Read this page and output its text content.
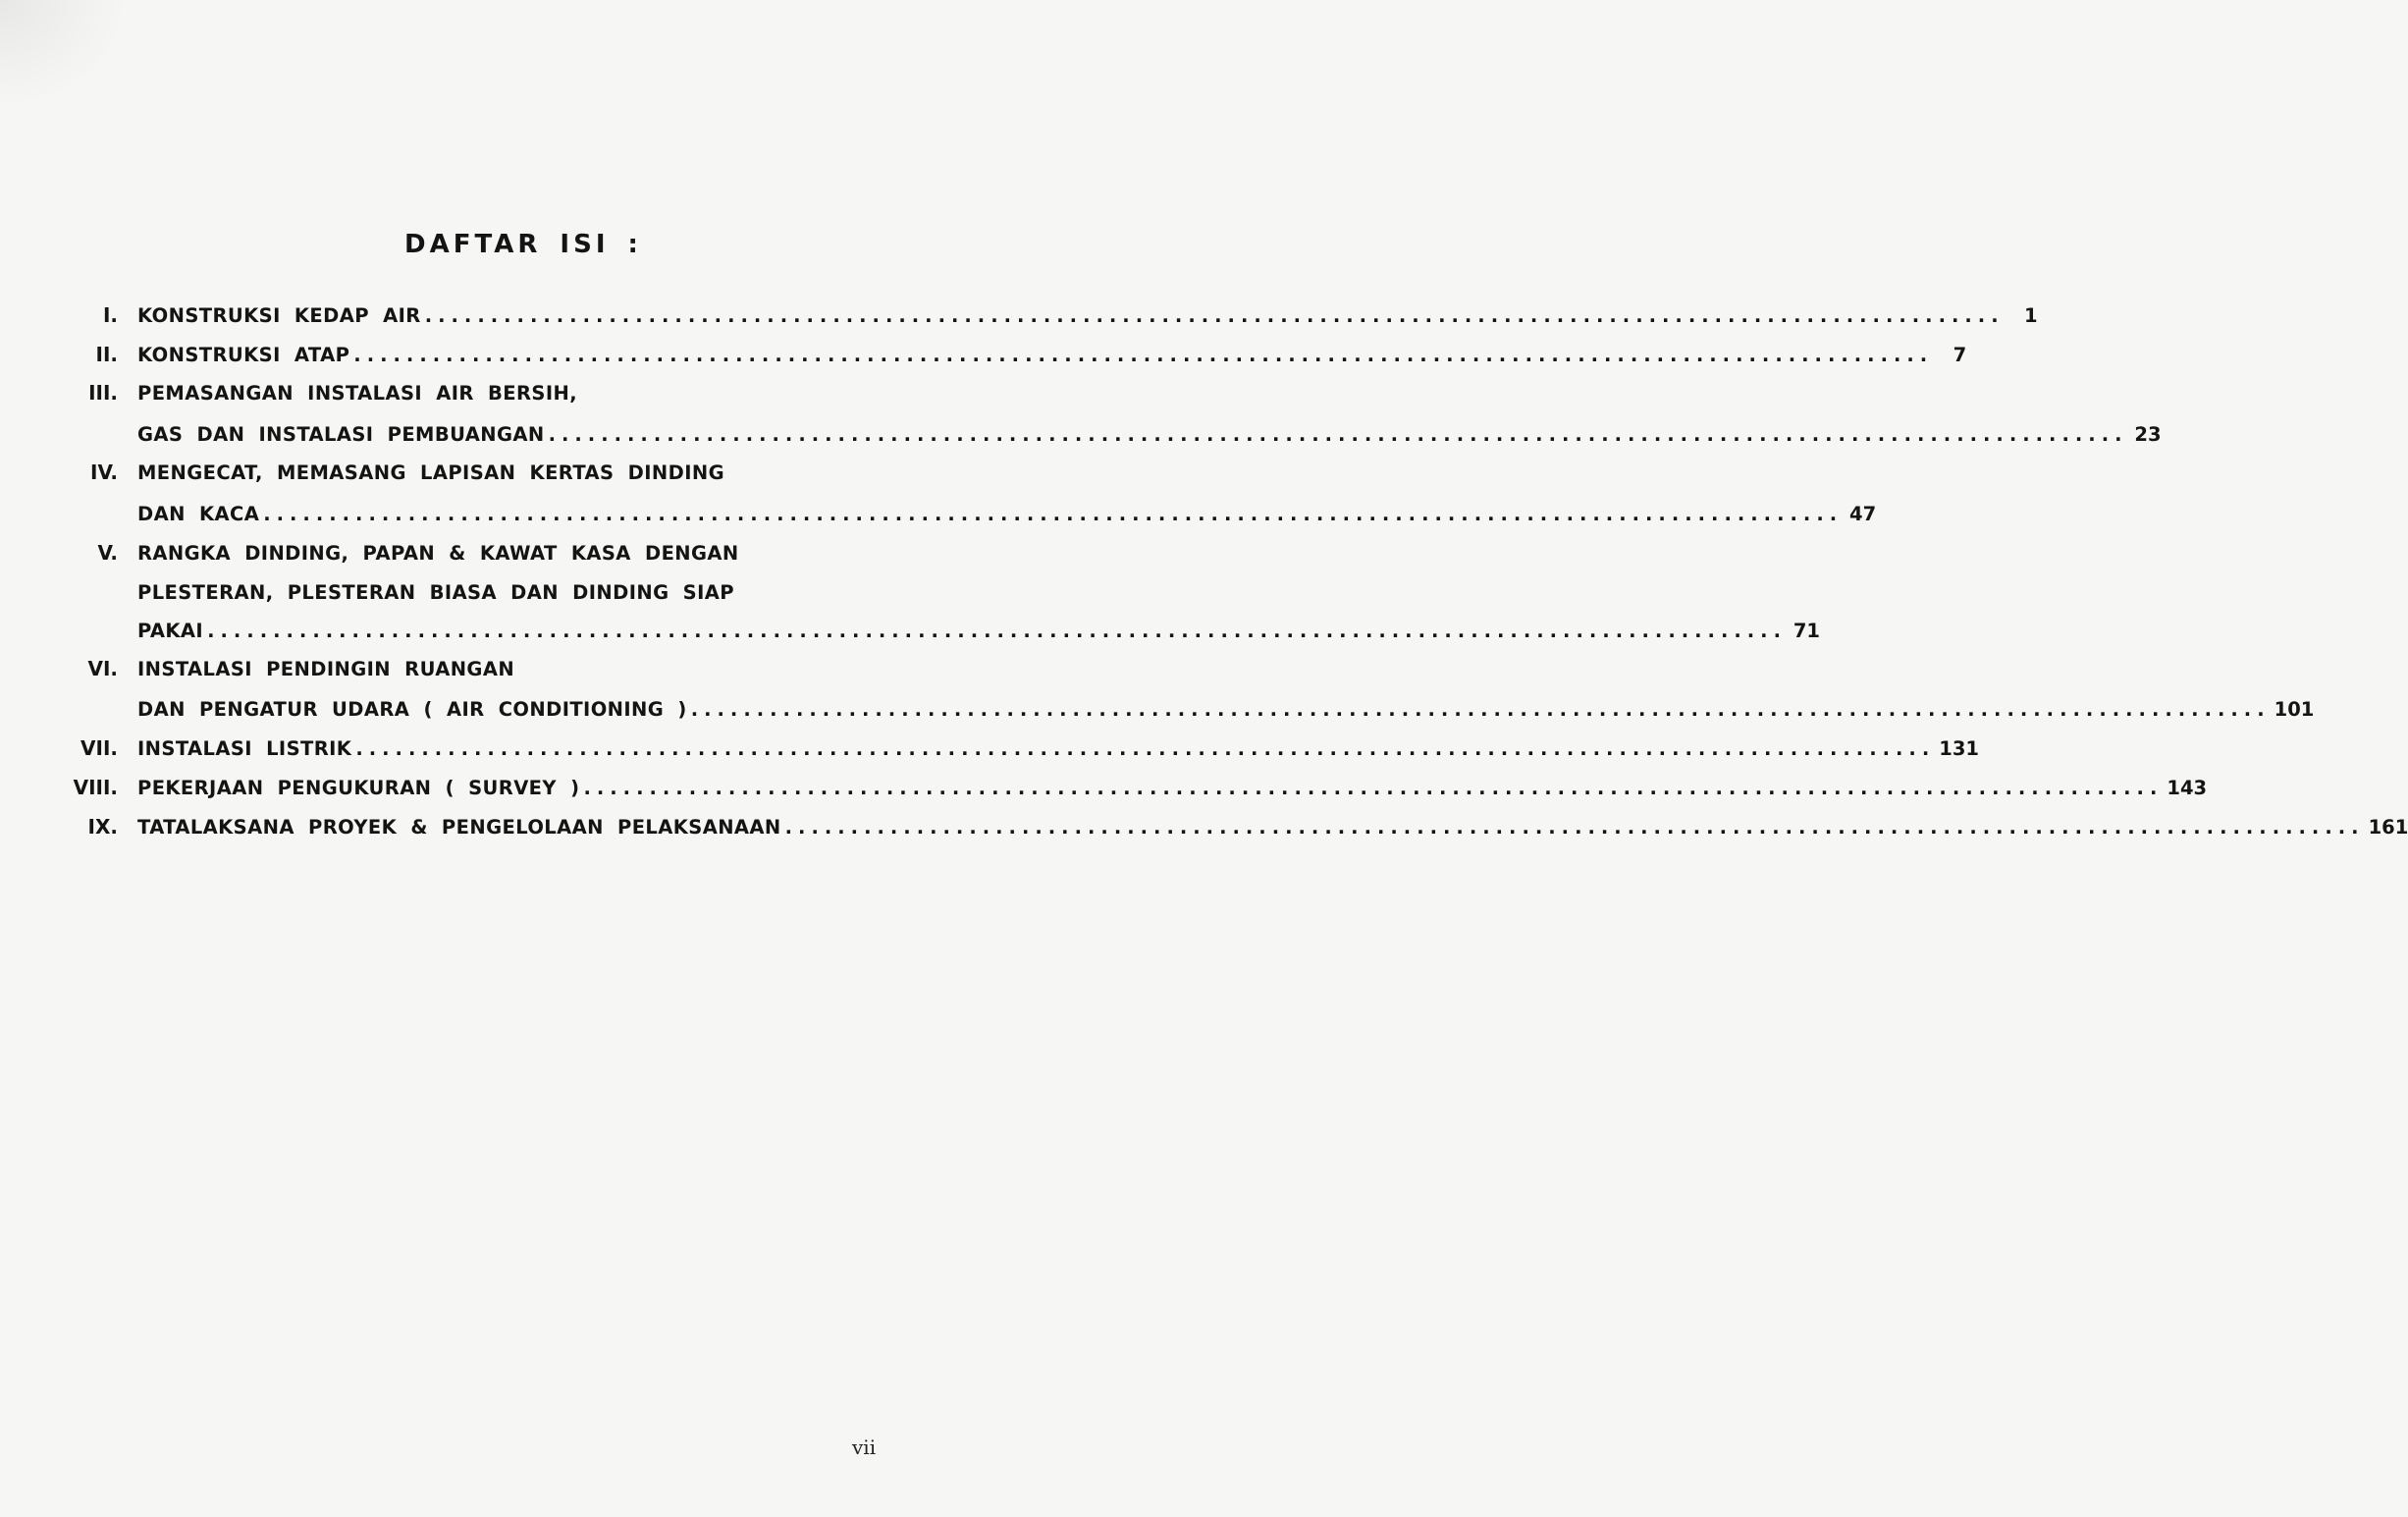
DAFTAR ISI :
I. KONSTRUKSI KEDAP AIR ........................................................................................................................	1
II. KONSTRUKSI ATAP ........................................................................................................................	7
III. PEMASANGAN INSTALASI AIR BERSIH,
GAS DAN INSTALASI PEMBUANGAN ........................................................................................................................ 23
IV. MENGECAT, MEMASANG LAPISAN KERTAS DINDING
DAN KACA ........................................................................................................................ 47
V. RANGKA DINDING, PAPAN & KAWAT KASA DENGAN
PLESTERAN, PLESTERAN BIASA DAN DINDING SIAP
PAKAI ........................................................................................................................ 71
VI. INSTALASI PENDINGIN RUANGAN
DAN PENGATUR UDARA ( AIR CONDITIONING ) ........................................................................................................................ 101
VII. INSTALASI LISTRIK ........................................................................................................................ 131
VIII. PEKERJAAN PENGUKURAN ( SURVEY ) ........................................................................................................................ 143
IX. TATALAKSANA PROYEK & PENGELOLAAN PELAKSANAAN ........................................................................................................................ 161
vii
